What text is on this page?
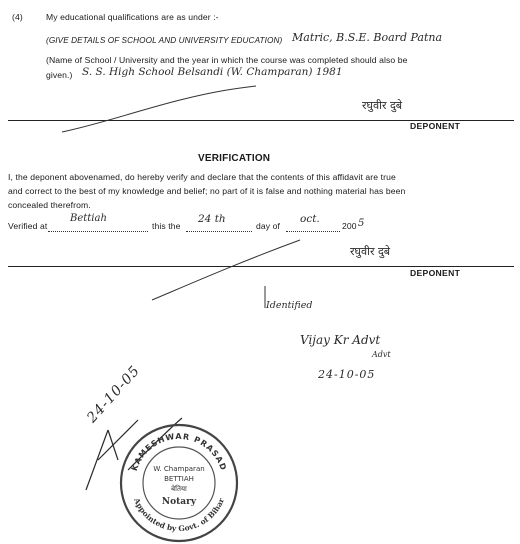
(4)	My educational qualifications are as under :-
(GIVE DETAILS OF SCHOOL AND UNIVERSITY EDUCATION) Matric, B.S.E. Board Patna
(Name of School / University and the year in which the course was completed should also be
given.) S. S. High School Belsandi (W. Champaran) 1981
रघुवीर दुबे
DEPONENT
VERIFICATION
I, the deponent abovenamed, do hereby verify and declare that the contents of this affidavit are true
and correct to the best of my knowledge and belief; no part of it is false and nothing material has been
concealed therefrom.
Verified at
Bettiah
this the
24 th
day of
oct.
200 5
रघुवीर दुबे
DEPONENT
Identified
Vijay Kr Advt
Advt
24-10-05
24-10-05
KAMESHWAR PRASAD
Appointed by Govt. of Bihar
W. Champaran
BETTIAH
बेतिया
Notary
